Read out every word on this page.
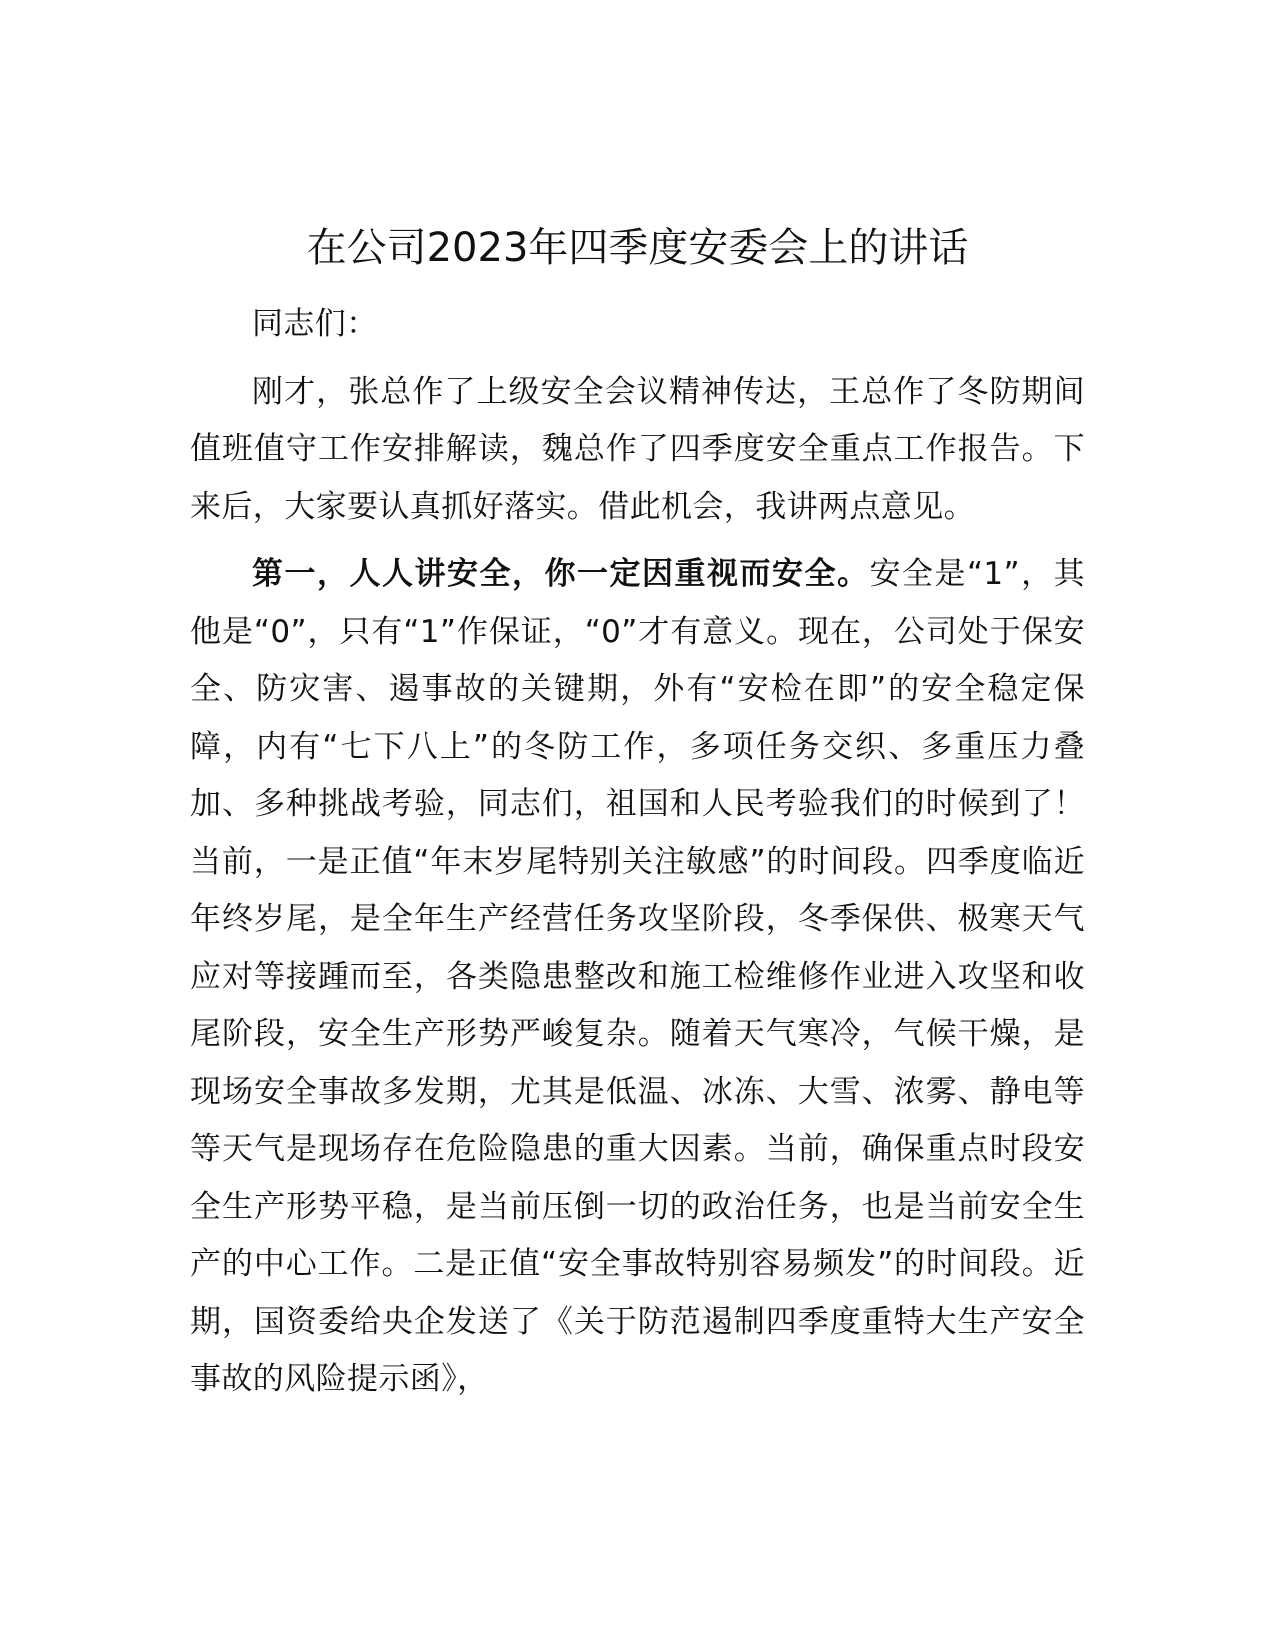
在公司2023年四季度安委会上的讲话

同志们：

刚才，张总作了上级安全会议精神传达，王总作了冬防期间值班值守工作安排解读，魏总作了四季度安全重点工作报告。下来后，大家要认真抓好落实。借此机会，我讲两点意见。

第一，人人讲安全，你一定因重视而安全。安全是“1”，其他是“0”，只有“1”作保证，“0”才有意义。现在，公司处于保安全、防灾害、遏事故的关键期，外有“安检在即”的安全稳定保障，内有“七下八上”的冬防工作，多项任务交织、多重压力叠加、多种挑战考验，同志们，祖国和人民考验我们的时候到了！当前，一是正值“年末岁尾特别关注敏感”的时间段。四季度临近年终岁尾，是全年生产经营任务攻坚阶段，冬季保供、极寒天气应对等接踵而至，各类隐患整改和施工检维修作业进入攻坚和收尾阶段，安全生产形势严峻复杂。随着天气寒冷，气候干燥，是现场安全事故多发期，尤其是低温、冰冻、大雪、浓雾、静电等等天气是现场存在危险隐患的重大因素。当前，确保重点时段安全生产形势平稳，是当前压倒一切的政治任务，也是当前安全生产的中心工作。二是正值“安全事故特别容易频发”的时间段。近期，国资委给央企发送了《关于防范遏制四季度重特大生产安全事故的风险提示函》，
